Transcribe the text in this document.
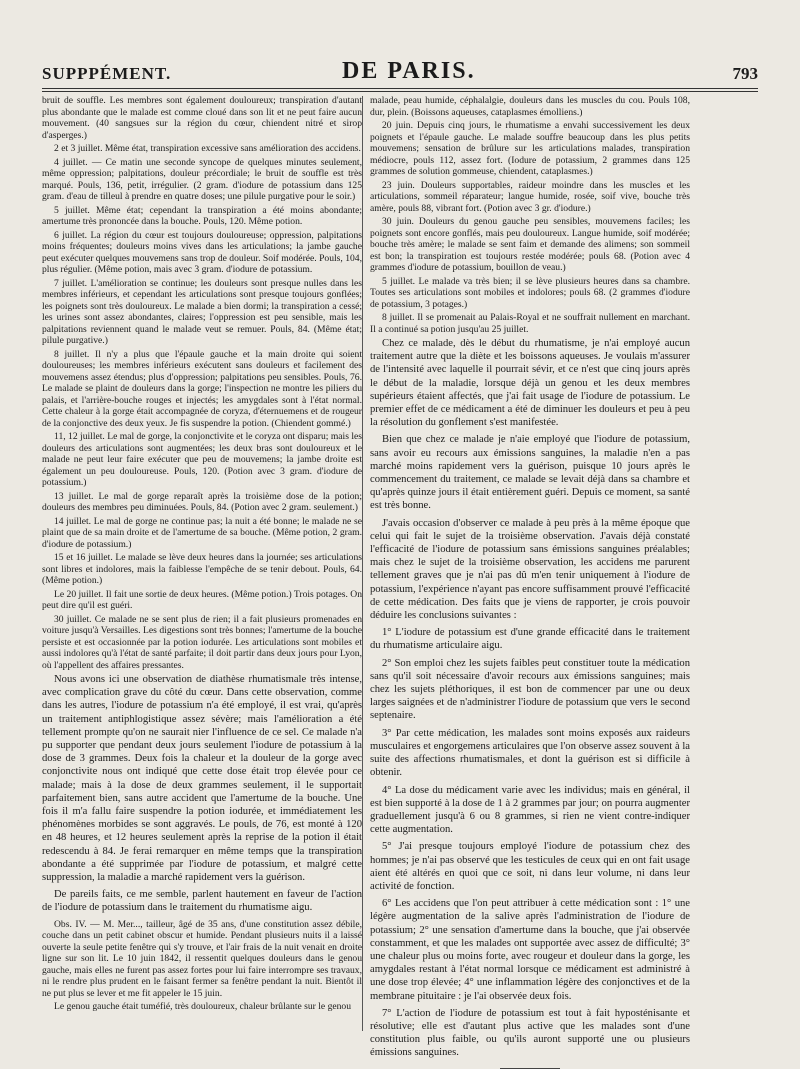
SUPPPÉMENT.	DE PARIS.	793

bruit de souffle. Les membres sont également douloureux; transpiration d'autant plus abondante que le malade est comme cloué dans son lit et ne peut faire aucun mouvement. (40 sangsues sur la région du cœur, chiendent nitré et sirop d'asperges.)

2 et 3 juillet. Même état, transpiration excessive sans amélioration des accidens.

4 juillet. — Ce matin une seconde syncope de quelques minutes seulement, même oppression; palpitations, douleur précordiale; le bruit de souffle est très marqué. Pouls, 136, petit, irrégulier. (2 gram. d'iodure de potassium dans 125 gram. d'eau de tilleul à prendre en quatre doses; une pilule purgative pour le soir.)

5 juillet. Même état; cependant la transpiration a été moins abondante; amertume très prononcée dans la bouche. Pouls, 120. Même potion.

6 juillet. La région du cœur est toujours douloureuse; oppression, palpitations moins fréquentes; douleurs moins vives dans les articulations; la jambe gauche peut exécuter quelques mouvemens sans trop de douleur. Soif modérée. Pouls, 104, plus régulier. (Même potion, mais avec 3 gram. d'iodure de potassium.

7 juillet. L'amélioration se continue; les douleurs sont presque nulles dans les membres inférieurs, et cependant les articulations sont presque toujours gonflées; les poignets sont très douloureux. Le malade a bien dormi; la transpiration a cessé; les urines sont assez abondantes, claires; l'oppression est peu sensible, mais les palpitations reviennent quand le malade veut se remuer. Pouls, 84. (Même état; pilule purgative.)

8 juillet. Il n'y a plus que l'épaule gauche et la main droite qui soient douloureuses; les membres inférieurs exécutent sans douleurs et facilement des mouvemens assez étendus; plus d'oppression; palpitations peu sensibles. Pouls, 76. Le malade se plaint de douleurs dans la gorge; l'inspection ne montre les piliers du palais, et l'arrière-bouche rouges et injectés; les amygdales sont à l'état normal. Cette chaleur à la gorge était accompagnée de coryza, d'éternuemens et de rougeur de la conjonctive des deux yeux. Je fis suspendre la potion. (Chiendent gommé.)

11, 12 juillet. Le mal de gorge, la conjonctivite et le coryza ont disparu; mais les douleurs des articulations sont augmentées; les deux bras sont douloureux et le malade ne peut leur faire exécuter que peu de mouvemens; la jambe droite est également un peu douloureuse. Pouls, 120. (Potion avec 3 gram. d'iodure de potassium.)

13 juillet. Le mal de gorge reparaît après la troisième dose de la potion; douleurs des membres peu diminuées. Pouls, 84. (Potion avec 2 gram. seulement.)

14 juillet. Le mal de gorge ne continue pas; la nuit a été bonne; le malade ne se plaint que de sa main droite et de l'amertume de sa bouche. (Même potion, 2 gram. d'iodure de potassium.)

15 et 16 juillet. Le malade se lève deux heures dans la journée; ses articulations sont libres et indolores, mais la faiblesse l'empêche de se tenir debout. Pouls, 64. (Même potion.)

Le 20 juillet. Il fait une sortie de deux heures. (Même potion.) Trois potages. On peut dire qu'il est guéri.

30 juillet. Ce malade ne se sent plus de rien; il a fait plusieurs promenades en voiture jusqu'à Versailles. Les digestions sont très bonnes; l'amertume de la bouche persiste et est occasionnée par la potion iodurée. Les articulations sont mobiles et aussi indolores qu'à l'état de santé parfaite; il doit partir dans deux jours pour Lyon, où l'appellent des affaires pressantes.

Nous avons ici une observation de diathèse rhumatismale très intense, avec complication grave du côté du cœur. Dans cette observation, comme dans les autres, l'iodure de potassium n'a été employé, il est vrai, qu'après un traitement antiphlogistique assez sévère; mais l'amélioration a été tellement prompte qu'on ne saurait nier l'influence de ce sel. Ce malade n'a pu supporter que pendant deux jours seulement l'iodure de potassium à la dose de 3 grammes. Deux fois la chaleur et la douleur de la gorge avec conjonctivite nous ont indiqué que cette dose était trop élevée pour ce malade; mais à la dose de deux grammes seulement, il le supportait parfaitement bien, sans autre accident que l'amertume de la bouche. Une fois il m'a fallu faire suspendre la potion iodurée, et immédiatement les phénomènes morbides se sont aggravés. Le pouls, de 76, est monté à 120 en 48 heures, et 12 heures seulement après la reprise de la potion il était redescendu à 84. Je ferai remarquer en même temps que la transpiration abondante a été supprimée par l'iodure de potassium, et malgré cette suppression, la maladie a marché rapidement vers la guérison.

De pareils faits, ce me semble, parlent hautement en faveur de l'action de l'iodure de potassium dans le traitement du rhumatisme aigu.

Obs. IV. — M. Mer..., tailleur, âgé de 35 ans, d'une constitution assez débile, couche dans un petit cabinet obscur et humide. Pendant plusieurs nuits il a laissé ouverte la seule petite fenêtre qui s'y trouve, et l'air frais de la nuit venait en droite ligne sur son lit. Le 10 juin 1842, il ressentit quelques douleurs dans le genou gauche, mais elles ne furent pas assez fortes pour lui faire interrompre ses travaux, ni le rendre plus prudent en le faisant fermer sa fenêtre pendant la nuit. Bientôt il ne put plus se lever et me fit appeler le 15 juin.

Le genou gauche était tuméfié, très douloureux, chaleur brûlante sur le genou

malade, peau humide, céphalalgie, douleurs dans les muscles du cou. Pouls 108, dur, plein. (Boissons aqueuses, cataplasmes émolliens.)

20 juin. Depuis cinq jours, le rhumatisme a envahi successivement les deux poignets et l'épaule gauche. Le malade souffre beaucoup dans les plus petits mouvemens; sensation de brûlure sur les articulations malades, transpiration médiocre, pouls 112, assez fort. (Iodure de potassium, 2 grammes dans 125 grammes de solution gommeuse, chiendent, cataplasmes.)

23 juin. Douleurs supportables, raideur moindre dans les muscles et les articulations, sommeil réparateur; langue humide, rosée, soif vive, bouche très amère, pouls 88, vibrant fort. (Potion avec 3 gr. d'iodure.)

30 juin. Douleurs du genou gauche peu sensibles, mouvemens faciles; les poignets sont encore gonflés, mais peu douloureux. Langue humide, soif modérée; bouche très amère; le malade se sent faim et demande des alimens; son sommeil est bon; la transpiration est toujours restée modérée; pouls 68. (Potion avec 4 grammes d'iodure de potassium, bouillon de veau.)

5 juillet. Le malade va très bien; il se lève plusieurs heures dans sa chambre. Toutes ses articulations sont mobiles et indolores; pouls 68. (2 grammes d'iodure de potassium, 3 potages.)

8 juillet. Il se promenait au Palais-Royal et ne souffrait nullement en marchant. Il a continué sa potion jusqu'au 25 juillet.

Chez ce malade, dès le début du rhumatisme, je n'ai employé aucun traitement autre que la diète et les boissons aqueuses. Je voulais m'assurer de l'intensité avec laquelle il pourrait sévir, et ce n'est que cinq jours après le début de la maladie, lorsque déjà un genou et les deux membres supérieurs étaient affectés, que j'ai fait usage de l'iodure de potassium. Le premier effet de ce médicament a été de diminuer les douleurs et peu à peu la résolution du gonflement s'est manifestée.

Bien que chez ce malade je n'aie employé que l'iodure de potassium, sans avoir eu recours aux émissions sanguines, la maladie n'en a pas marché moins rapidement vers la guérison, puisque 10 jours après le commencement du traitement, ce malade se levait déjà dans sa chambre et qu'après quinze jours il était entièrement guéri. Depuis ce moment, sa santé est très bonne.

J'avais occasion d'observer ce malade à peu près à la même époque que celui qui fait le sujet de la troisième observation. J'avais déjà constaté l'efficacité de l'iodure de potassium sans émissions sanguines préalables; mais chez le sujet de la troisième observation, les accidens me parurent tellement graves que je n'ai pas dû m'en tenir uniquement à l'iodure de potassium, l'expérience n'ayant pas encore suffisamment prouvé l'efficacité de cette médication. Des faits que je viens de rapporter, je crois pouvoir déduire les conclusions suivantes :

1° L'iodure de potassium est d'une grande efficacité dans le traitement du rhumatisme articulaire aigu.

2° Son emploi chez les sujets faibles peut constituer toute la médication sans qu'il soit nécessaire d'avoir recours aux émissions sanguines; mais chez les sujets pléthoriques, il est bon de commencer par une ou deux larges saignées et de n'administrer l'iodure de potassium que vers le second septenaire.

3° Par cette médication, les malades sont moins exposés aux raideurs musculaires et engorgemens articulaires que l'on observe assez souvent à la suite des affections rhumatismales, et dont la guérison est si difficile à obtenir.

4° La dose du médicament varie avec les individus; mais en général, il est bien supporté à la dose de 1 à 2 grammes par jour; on pourra augmenter graduellement jusqu'à 6 ou 8 grammes, si rien ne vient contre-indiquer cette augmentation.

5° J'ai presque toujours employé l'iodure de potassium chez des hommes; je n'ai pas observé que les testicules de ceux qui en ont fait usage aient été altérés en quoi que ce soit, ni dans leur volume, ni dans leur activité de fonction.

6° Les accidens que l'on peut attribuer à cette médication sont : 1° une légère augmentation de la salive après l'administration de l'iodure de potassium; 2° une sensation d'amertume dans la bouche, que j'ai observée constamment, et que les malades ont supportée avec assez de difficulté; 3° une chaleur plus ou moins forte, avec rougeur et douleur dans la gorge, les amygdales restant à l'état normal lorsque ce médicament est administré à une dose trop élevée; 4° une inflammation légère des conjonctives et de la membrane pituitaire : je l'ai observée deux fois.

7° L'action de l'iodure de potassium est tout à fait hyposténisante et résolutive; elle est d'autant plus active que les malades sont d'une constitution plus faible, ou qu'ils auront supporté une ou plusieurs émissions sanguines.
